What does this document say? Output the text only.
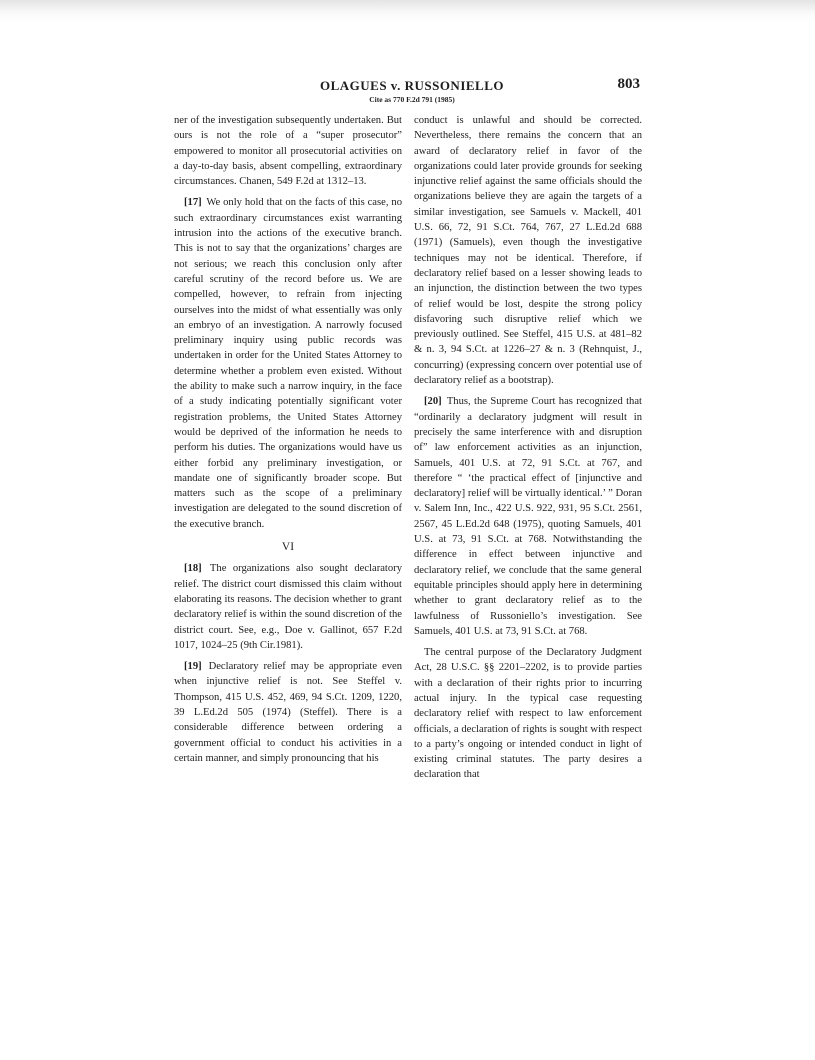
OLAGUES v. RUSSONIELLO	803
Cite as 770 F.2d 791 (1985)

ner of the investigation subsequently undertaken. But ours is not the role of a “super prosecutor” empowered to monitor all prosecutorial activities on a day-to-day basis, absent compelling, extraordinary circumstances. Chanen, 549 F.2d at 1312–13.

[17] We only hold that on the facts of this case, no such extraordinary circumstances exist warranting intrusion into the actions of the executive branch. This is not to say that the organizations’ charges are not serious; we reach this conclusion only after careful scrutiny of the record before us. We are compelled, however, to refrain from injecting ourselves into the midst of what essentially was only an embryo of an investigation. A narrowly focused preliminary inquiry using public records was undertaken in order for the United States Attorney to determine whether a problem even existed. Without the ability to make such a narrow inquiry, in the face of a study indicating potentially significant voter registration problems, the United States Attorney would be deprived of the information he needs to perform his duties. The organizations would have us either forbid any preliminary investigation, or mandate one of significantly broader scope. But matters such as the scope of a preliminary investigation are delegated to the sound discretion of the executive branch.

VI

[18] The organizations also sought declaratory relief. The district court dismissed this claim without elaborating its reasons. The decision whether to grant declaratory relief is within the sound discretion of the district court. See, e.g., Doe v. Gallinot, 657 F.2d 1017, 1024–25 (9th Cir.1981).

[19] Declaratory relief may be appropriate even when injunctive relief is not. See Steffel v. Thompson, 415 U.S. 452, 469, 94 S.Ct. 1209, 1220, 39 L.Ed.2d 505 (1974) (Steffel). There is a considerable difference between ordering a government official to conduct his activities in a certain manner, and simply pronouncing that his

conduct is unlawful and should be corrected. Nevertheless, there remains the concern that an award of declaratory relief in favor of the organizations could later provide grounds for seeking injunctive relief against the same officials should the organizations believe they are again the targets of a similar investigation, see Samuels v. Mackell, 401 U.S. 66, 72, 91 S.Ct. 764, 767, 27 L.Ed.2d 688 (1971) (Samuels), even though the investigative techniques may not be identical. Therefore, if declaratory relief based on a lesser showing leads to an injunction, the distinction between the two types of relief would be lost, despite the strong policy disfavoring such disruptive relief which we previously outlined. See Steffel, 415 U.S. at 481–82 & n. 3, 94 S.Ct. at 1226–27 & n. 3 (Rehnquist, J., concurring) (expressing concern over potential use of declaratory relief as a bootstrap).

[20] Thus, the Supreme Court has recognized that “ordinarily a declaratory judgment will result in precisely the same interference with and disruption of” law enforcement activities as an injunction, Samuels, 401 U.S. at 72, 91 S.Ct. at 767, and therefore “ ‘the practical effect of [injunctive and declaratory] relief will be virtually identical.’ ” Doran v. Salem Inn, Inc., 422 U.S. 922, 931, 95 S.Ct. 2561, 2567, 45 L.Ed.2d 648 (1975), quoting Samuels, 401 U.S. at 73, 91 S.Ct. at 768. Notwithstanding the difference in effect between injunctive and declaratory relief, we conclude that the same general equitable principles should apply here in determining whether to grant declaratory relief as to the lawfulness of Russoniello’s investigation. See Samuels, 401 U.S. at 73, 91 S.Ct. at 768.

The central purpose of the Declaratory Judgment Act, 28 U.S.C. §§ 2201–2202, is to provide parties with a declaration of their rights prior to incurring actual injury. In the typical case requesting declaratory relief with respect to law enforcement officials, a declaration of rights is sought with respect to a party’s ongoing or intended conduct in light of existing criminal statutes. The party desires a declaration that
